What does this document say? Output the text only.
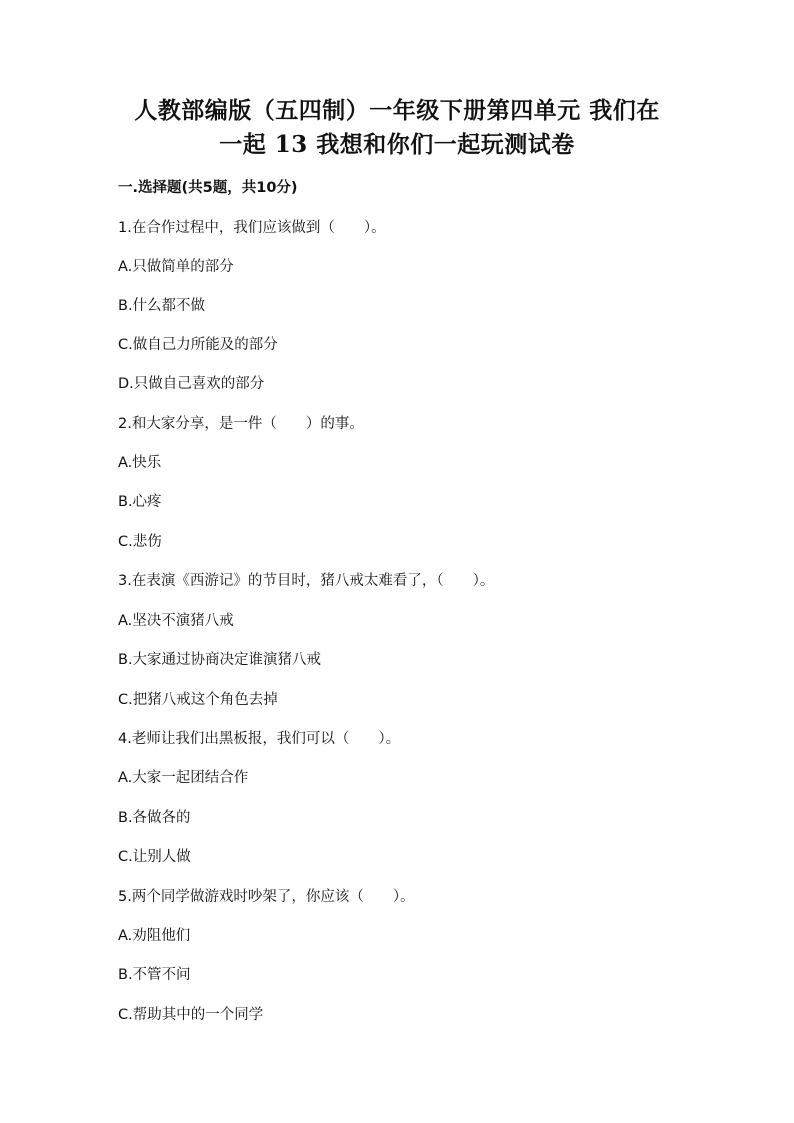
人教部编版（五四制）一年级下册第四单元 我们在
一起 13 我想和你们一起玩测试卷
一.选择题(共5题，共10分)
1.在合作过程中，我们应该做到（　　）。
A.只做简单的部分
B.什么都不做
C.做自己力所能及的部分
D.只做自己喜欢的部分
2.和大家分享，是一件（　　）的事。
A.快乐
B.心疼
C.悲伤
3.在表演《西游记》的节目时，猪八戒太难看了，（　　）。
A.坚决不演猪八戒
B.大家通过协商决定谁演猪八戒
C.把猪八戒这个角色去掉
4.老师让我们出黑板报，我们可以（　　）。
A.大家一起团结合作
B.各做各的
C.让别人做
5.两个同学做游戏时吵架了，你应该（　　）。
A.劝阻他们
B.不管不问
C.帮助其中的一个同学
